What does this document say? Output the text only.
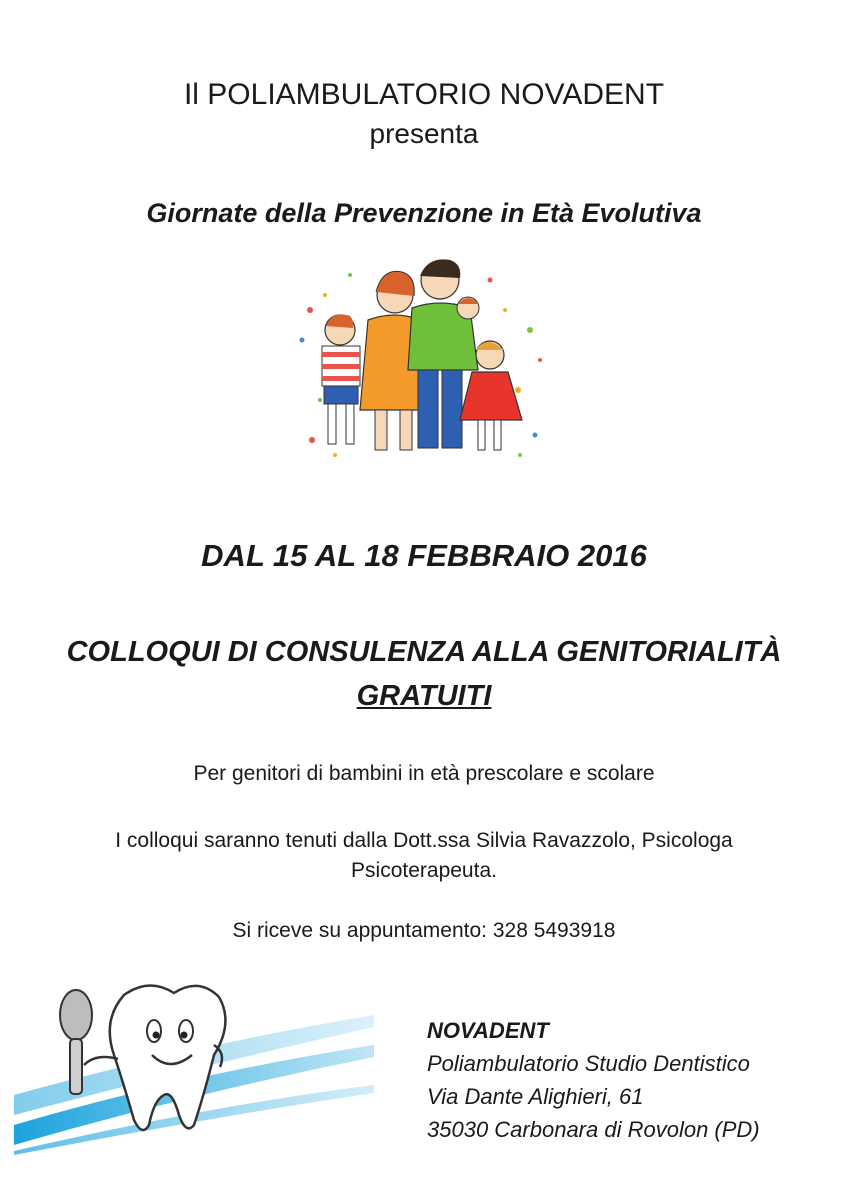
Il POLIAMBULATORIO NOVADENT
presenta
Giornate della Prevenzione in Età Evolutiva
DAL 15 AL 18 FEBBRAIO 2016
COLLOQUI DI CONSULENZA ALLA GENITORIALITÀ
GRATUITI
Per genitori di bambini in età prescolare e scolare
I colloqui saranno tenuti dalla Dott.ssa Silvia Ravazzolo, Psicologa
Psicoterapeuta.
Si riceve su appuntamento: 328 5493918
NOVADENT
Poliambulatorio Studio Dentistico
Via Dante Alighieri, 61
35030 Carbonara di Rovolon (PD)
